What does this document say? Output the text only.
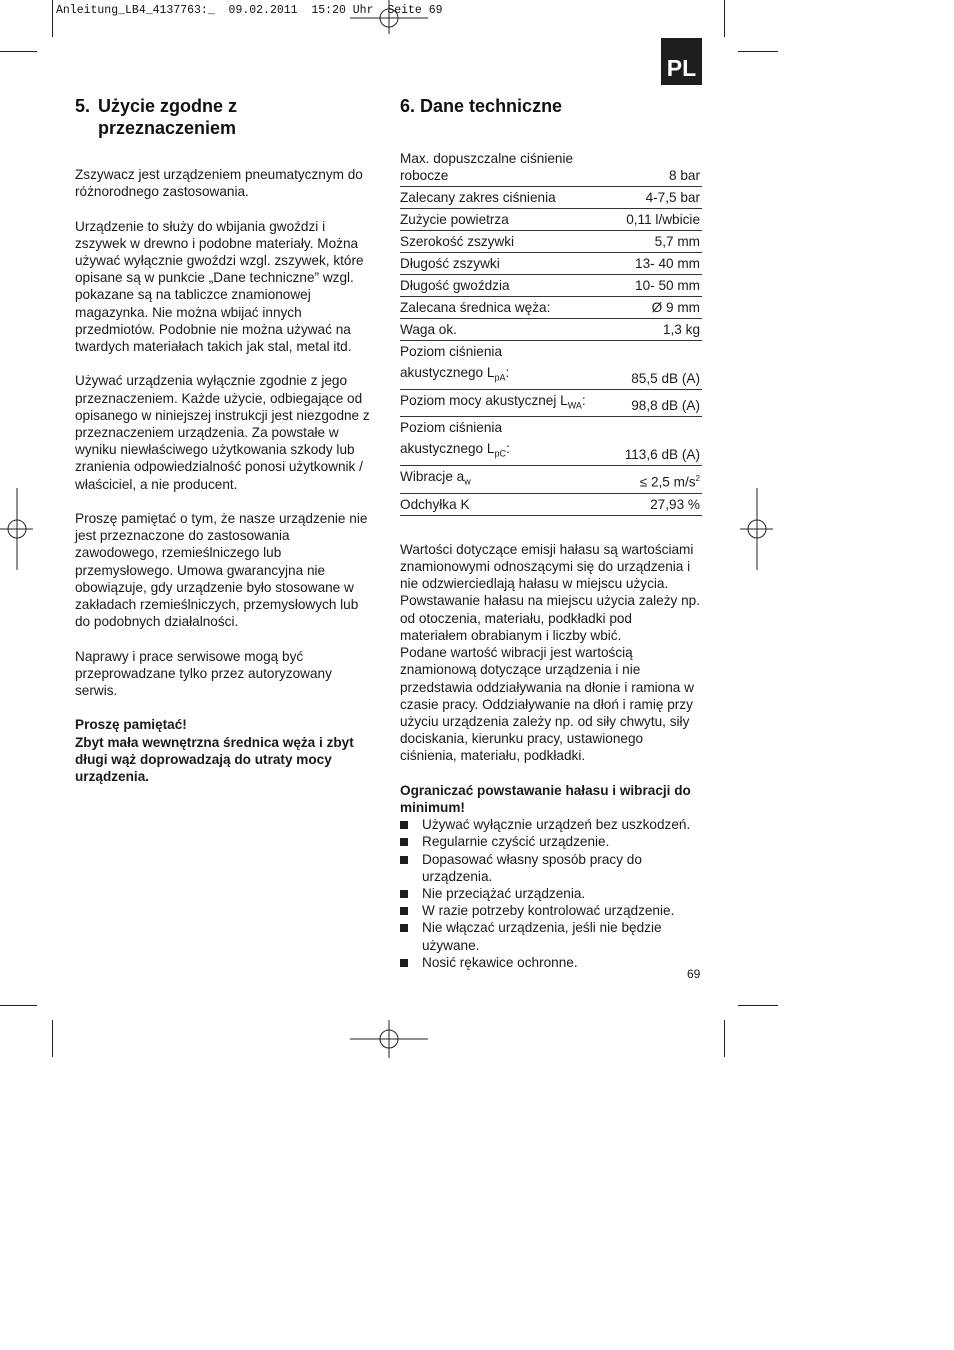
Anleitung_LB4_4137763:_ 09.02.2011 15:20 Uhr Seite 69
PL
5. Użycie zgodne z
przeznaczeniem

Zszywacz jest urządzeniem pneumatycznym do różnorodnego zastosowania.

Urządzenie to służy do wbijania gwoździ i zszywek w drewno i podobne materiały. Można używać wyłącznie gwoździ wzgl. zszywek, które opisane są w punkcie „Dane techniczne” wzgl. pokazane są na tabliczce znamionowej magazynka. Nie można wbijać innych przedmiotów. Podobnie nie można używać na twardych materiałach takich jak stal, metal itd.

Używać urządzenia wyłącznie zgodnie z jego przeznaczeniem. Każde użycie, odbiegające od opisanego w niniejszej instrukcji jest niezgodne z przeznaczeniem urządzenia. Za powstałe w wyniku niewłaściwego użytkowania szkody lub zranienia odpowiedzialność ponosi użytkownik / właściciel, a nie producent.

Proszę pamiętać o tym, że nasze urządzenie nie jest przeznaczone do zastosowania zawodowego, rzemieślniczego lub przemysłowego. Umowa gwarancyjna nie obowiązuje, gdy urządzenie było stosowane w zakładach rzemieślniczych, przemysłowych lub do podobnych działalności.

Naprawy i prace serwisowe mogą być przeprowadzane tylko przez autoryzowany serwis.

Proszę pamiętać!
Zbyt mała wewnętrzna średnica węża i zbyt długi wąż doprowadzają do utraty mocy urządzenia.
6. Dane techniczne
Max. dopuszczalne ciśnienie robocze	8 bar
Zalecany zakres ciśnienia	4-7,5 bar
Zużycie powietrza	0,11 l/wbicie
Szerokość zszywki	5,7 mm
Długość zszywki	13- 40 mm
Długość gwoździa	10- 50 mm
Zalecana średnica węża:	Ø 9 mm
Waga ok.	1,3 kg
Poziom ciśnienia	
akustycznego $L_{pA}$:	85,5 dB (A)
Poziom mocy akustycznej $L_{WA}$:	98,8 dB (A)
Poziom ciśnienia	
akustycznego $L_{pC}$:	113,6 dB (A)
Wibracje $a_w$	≤ 2,5 $m/s^2$
Odchyłka K	27,93 %
Wartości dotyczące emisji hałasu są wartościami znamionowymi odnoszącymi się do urządzenia i nie odzwierciedlają hałasu w miejscu użycia. Powstawanie hałasu na miejscu użycia zależy np. od otoczenia, materiału, podkładki pod materiałem obrabianym i liczby wbić.

Podane wartość wibracji jest wartością znamionową dotyczące urządzenia i nie przedstawia oddziaływania na dłonie i ramiona w czasie pracy. Oddziaływanie na dłoń i ramię przy użyciu urządzenia zależy np. od siły chwytu, siły dociskania, kierunku pracy, ustawionego ciśnienia, materiału, podkładki.

Ograniczać powstawanie hałasu i wibracji do minimum!
Używać wyłącznie urządzeń bez uszkodzeń.
Regularnie czyścić urządzenie.
Dopasować własny sposób pracy do urządzenia.
Nie przeciążać urządzenia.
W razie potrzeby kontrolować urządzenie.
Nie włączać urządzenia, jeśli nie będzie używane.
Nosić rękawice ochronne.
69
